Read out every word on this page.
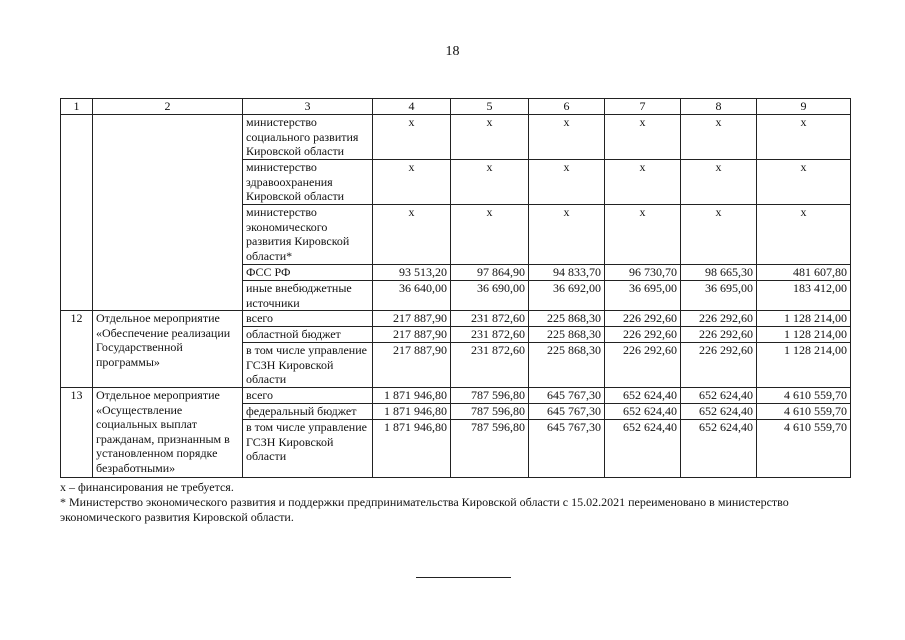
18
1	2	3	4	5	6	7	8	9
		министерство социального развития Кировской области	x	x	x	x	x	x
		министерство здравоохранения Кировской области	x	x	x	x	x	x
		министерство экономического развития Кировской области*	x	x	x	x	x	x
		ФСС РФ	93 513,20	97 864,90	94 833,70	96 730,70	98 665,30	481 607,80
		иные внебюджетные источники	36 640,00	36 690,00	36 692,00	36 695,00	36 695,00	183 412,00
12	Отдельное мероприятие «Обеспечение реализации Государственной программы»	всего	217 887,90	231 872,60	225 868,30	226 292,60	226 292,60	1 128 214,00
		областной бюджет	217 887,90	231 872,60	225 868,30	226 292,60	226 292,60	1 128 214,00
		в том числе управление ГСЗН Кировской области	217 887,90	231 872,60	225 868,30	226 292,60	226 292,60	1 128 214,00
13	Отдельное мероприятие «Осуществление социальных выплат гражданам, признанным в установленном порядке безработными»	всего	1 871 946,80	787 596,80	645 767,30	652 624,40	652 624,40	4 610 559,70
		федеральный бюджет	1 871 946,80	787 596,80	645 767,30	652 624,40	652 624,40	4 610 559,70
		в том числе управление ГСЗН Кировской области	1 871 946,80	787 596,80	645 767,30	652 624,40	652 624,40	4 610 559,70
x – финансирования не требуется.
* Министерство экономического развития и поддержки предпринимательства Кировской области с 15.02.2021 переименовано в министерство
экономического развития Кировской области.
